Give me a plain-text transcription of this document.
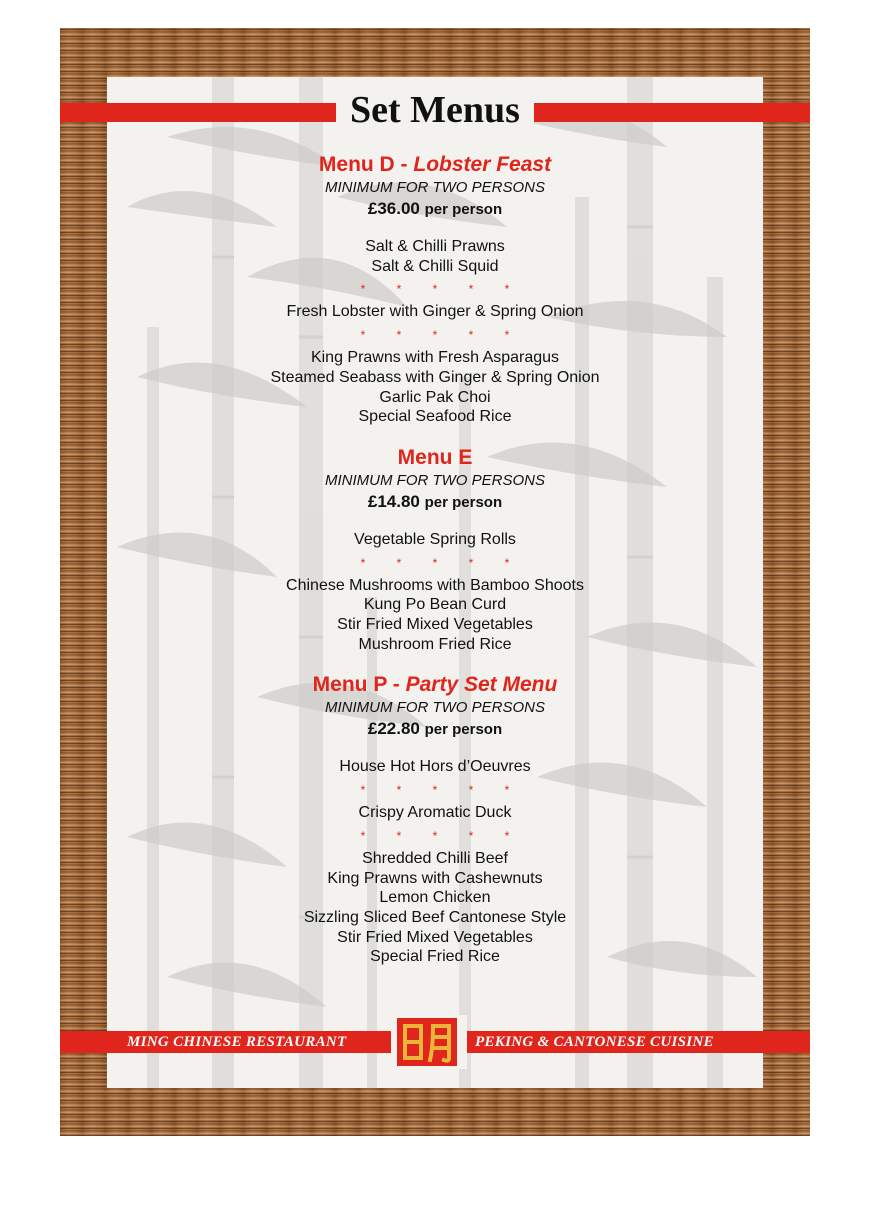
Set Menus
Menu D - Lobster Feast
MINIMUM FOR TWO PERSONS
£36.00 per person
Salt & Chilli Prawns
Salt & Chilli Squid
* * * * *
Fresh Lobster with Ginger & Spring Onion
* * * * *
King Prawns with Fresh Asparagus
Steamed Seabass with Ginger & Spring Onion
Garlic Pak Choi
Special Seafood Rice
Menu E
MINIMUM FOR TWO PERSONS
£14.80 per person
Vegetable Spring Rolls
* * * * *
Chinese Mushrooms with Bamboo Shoots
Kung Po Bean Curd
Stir Fried Mixed Vegetables
Mushroom Fried Rice
Menu P - Party Set Menu
MINIMUM FOR TWO PERSONS
£22.80 per person
House Hot Hors d’Oeuvres
* * * * *
Crispy Aromatic Duck
* * * * *
Shredded Chilli Beef
King Prawns with Cashewnuts
Lemon Chicken
Sizzling Sliced Beef Cantonese Style
Stir Fried Mixed Vegetables
Special Fried Rice
MING CHINESE RESTAURANT	PEKING & CANTONESE CUISINE
